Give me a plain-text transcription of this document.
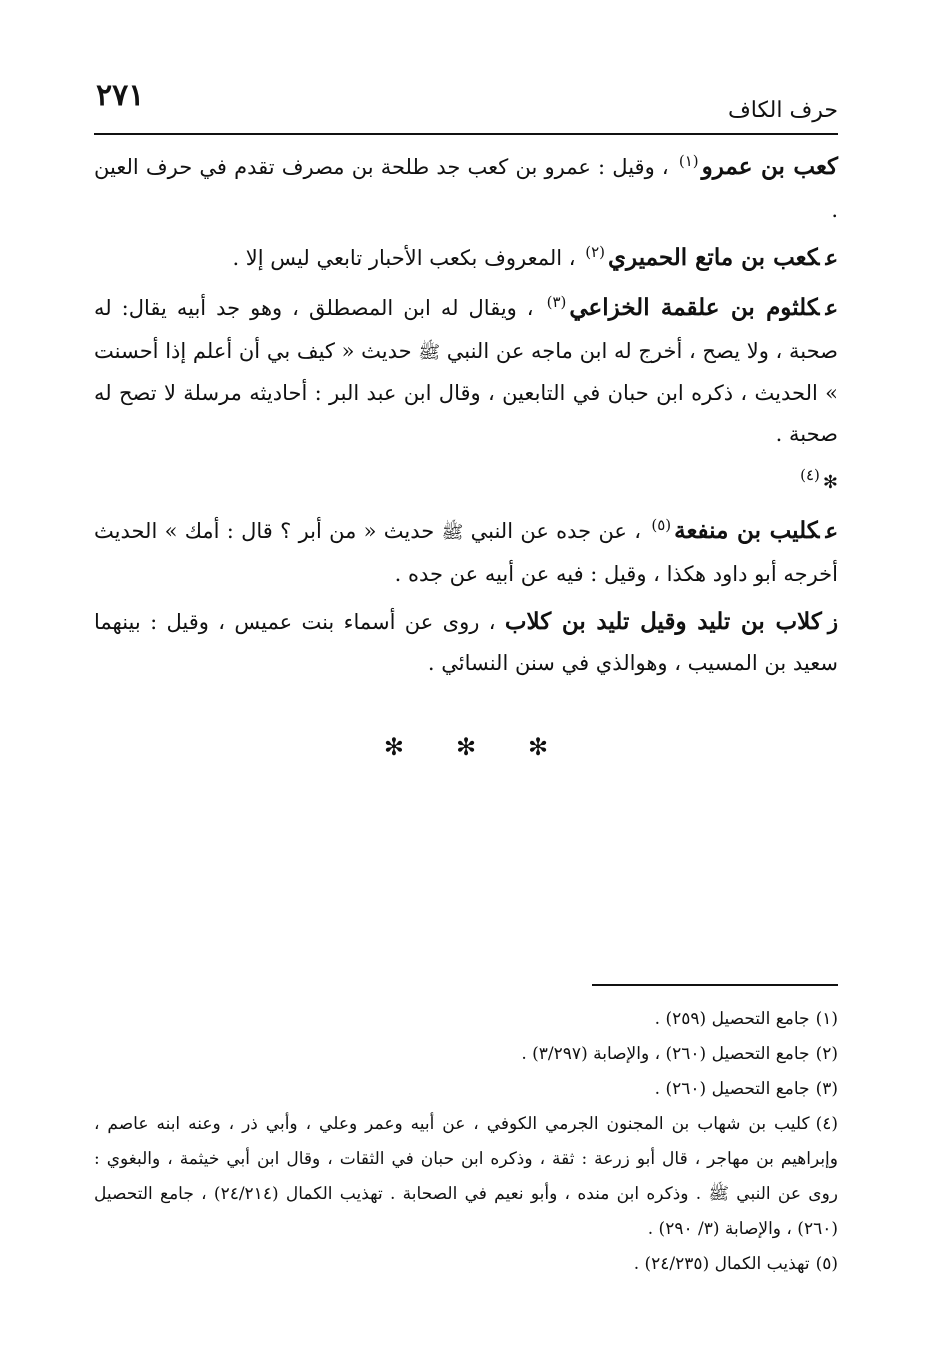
٢٧١	حرف الكاف

كعب بن عمرو$^{(١)}$ ، وقيل : عمرو بن كعب جد طلحة بن مصرف تقدم في حرف العين .

عكعب بن ماتع الحميري$^{(٢)}$ ، المعروف بكعب الأحبار تابعي ليس إلا .

عكلثوم بن علقمة الخزاعي$^{(٣)}$ ، ويقال له ابن المصطلق ، وهو جد أبيه يقال: له صحبة ، ولا يصح ، أخرج له ابن ماجه عن النبي ﷺ حديث « كيف بي أن أعلم إذا أحسنت » الحديث ، ذكره ابن حبان في التابعين ، وقال ابن عبد البر : أحاديثه مرسلة لا تصح له صحبة .

✻$^{(٤)}$

عكليب بن منفعة$^{(٥)}$ ، عن جده عن النبي ﷺ حديث « من أبر ؟ قال : أمك » الحديث أخرجه أبو داود هكذا ، وقيل : فيه عن أبيه عن جده .

زكلاب بن تليد وقيل تليد بن كلاب ، روى عن أسماء بنت عميس ، وقيل : بينهما سعيد بن المسيب ، وهوالذي في سنن النسائي .

✻ ✻ ✻

(١)جامع التحصيل (٢٥٩) .

(٢)جامع التحصيل (٢٦٠) ، والإصابة (٣/٢٩٧) .

(٣)جامع التحصيل (٢٦٠) .

(٤)كليب بن شهاب بن المجنون الجرمي الكوفي ، عن أبيه وعمر وعلي ، وأبي ذر ، وعنه ابنه عاصم ، وإبراهيم بن مهاجر ، قال أبو زرعة : ثقة ، وذكره ابن حبان في الثقات ، وقال ابن أبي خيثمة ، والبغوي : روى عن النبي ﷺ . وذكره ابن منده ، وأبو نعيم في الصحابة . تهذيب الكمال (٢٤/٢١٤) ، جامع التحصيل (٢٦٠) ، والإصابة (٣/ ٢٩٠) .

(٥)تهذيب الكمال (٢٤/٢٣٥) .
